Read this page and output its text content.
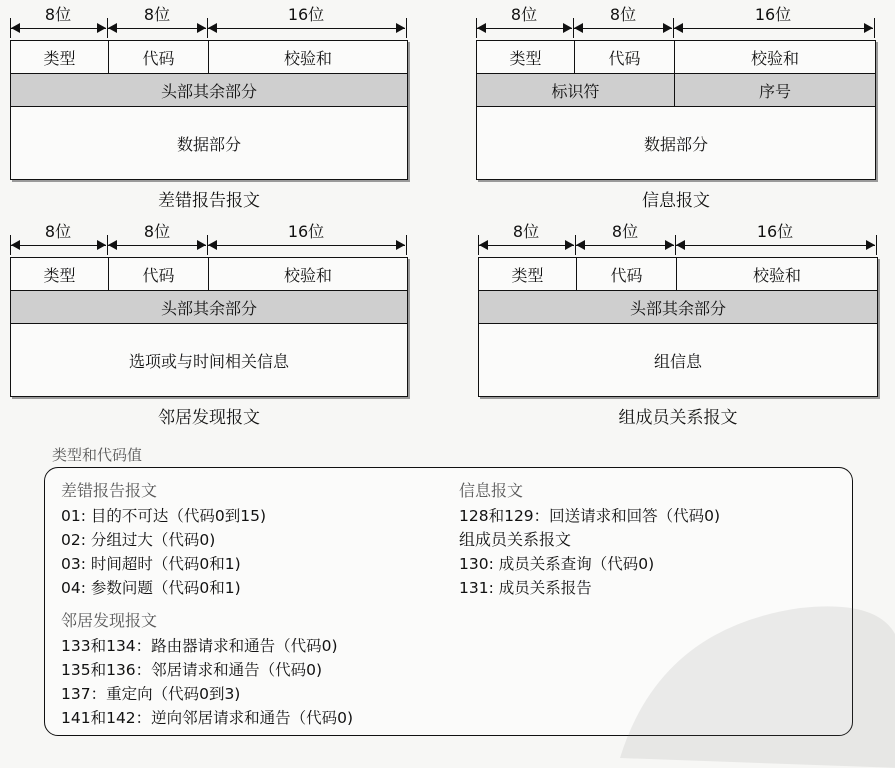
8位	8位	16位
类型	代码	校验和
头部其余部分
数据部分
差错报告报文
8位	8位	16位
类型	代码	校验和
标识符	序号
数据部分
信息报文
8位	8位	16位
类型	代码	校验和
头部其余部分
选项或与时间相关信息
邻居发现报文
8位	8位	16位
类型	代码	校验和
头部其余部分
组信息
组成员关系报文
类型和代码值
差错报告报文
01: 目的不可达（代码0到15)
02: 分组过大（代码0)
03: 时间超时（代码0和1)
04: 参数问题（代码0和1)
邻居发现报文
133和134：路由器请求和通告（代码0)
135和136：邻居请求和通告（代码0)
137：重定向（代码0到3)
141和142：逆向邻居请求和通告（代码0)
信息报文
128和129：回送请求和回答（代码0)
组成员关系报文
130: 成员关系查询（代码0)
131: 成员关系报告
